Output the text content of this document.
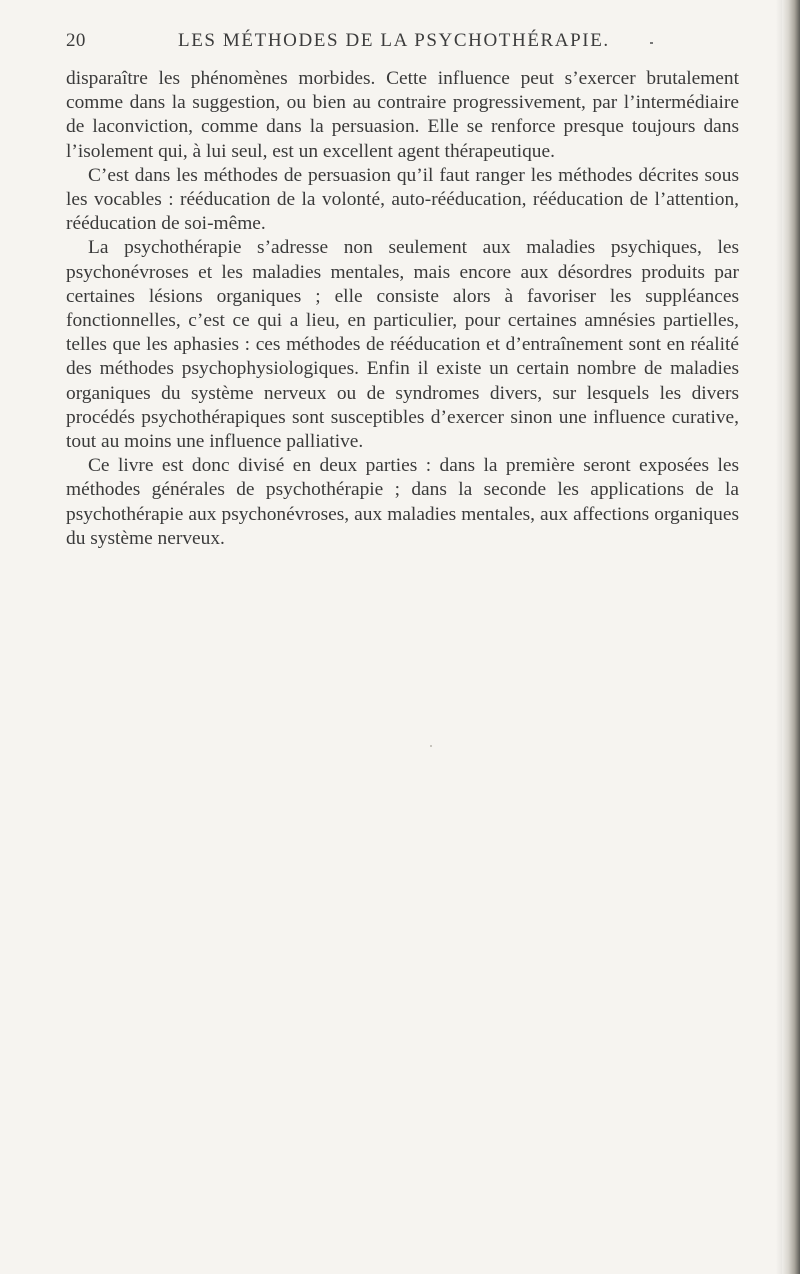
20	LES MÉTHODES DE LA PSYCHOTHÉRAPIE.

disparaître les phénomènes morbides. Cette influence peut s’exercer brutalement comme dans la suggestion, ou bien au contraire progressivement, par l’intermédiaire de laconviction, comme dans la persuasion. Elle se renforce presque toujours dans l’isolement qui, à lui seul, est un excellent agent thérapeutique.

C’est dans les méthodes de persuasion qu’il faut ranger les méthodes décrites sous les vocables : rééducation de la volonté, auto-rééducation, rééducation de l’attention, rééducation de soi-même.

La psychothérapie s’adresse non seulement aux maladies psychiques, les psychonévroses et les maladies mentales, mais encore aux désordres produits par certaines lésions organiques ; elle consiste alors à favoriser les suppléances fonctionnelles, c’est ce qui a lieu, en particulier, pour certaines amnésies partielles, telles que les aphasies : ces méthodes de rééducation et d’entraînement sont en réalité des méthodes psychophysiologiques. Enfin il existe un certain nombre de maladies organiques du système nerveux ou de syndromes divers, sur lesquels les divers procédés psychothérapiques sont susceptibles d’exercer sinon une influence curative, tout au moins une influence palliative.

Ce livre est donc divisé en deux parties : dans la première seront exposées les méthodes générales de psychothérapie ; dans la seconde les applications de la psychothérapie aux psychonévroses, aux maladies mentales, aux affections organiques du système nerveux.
